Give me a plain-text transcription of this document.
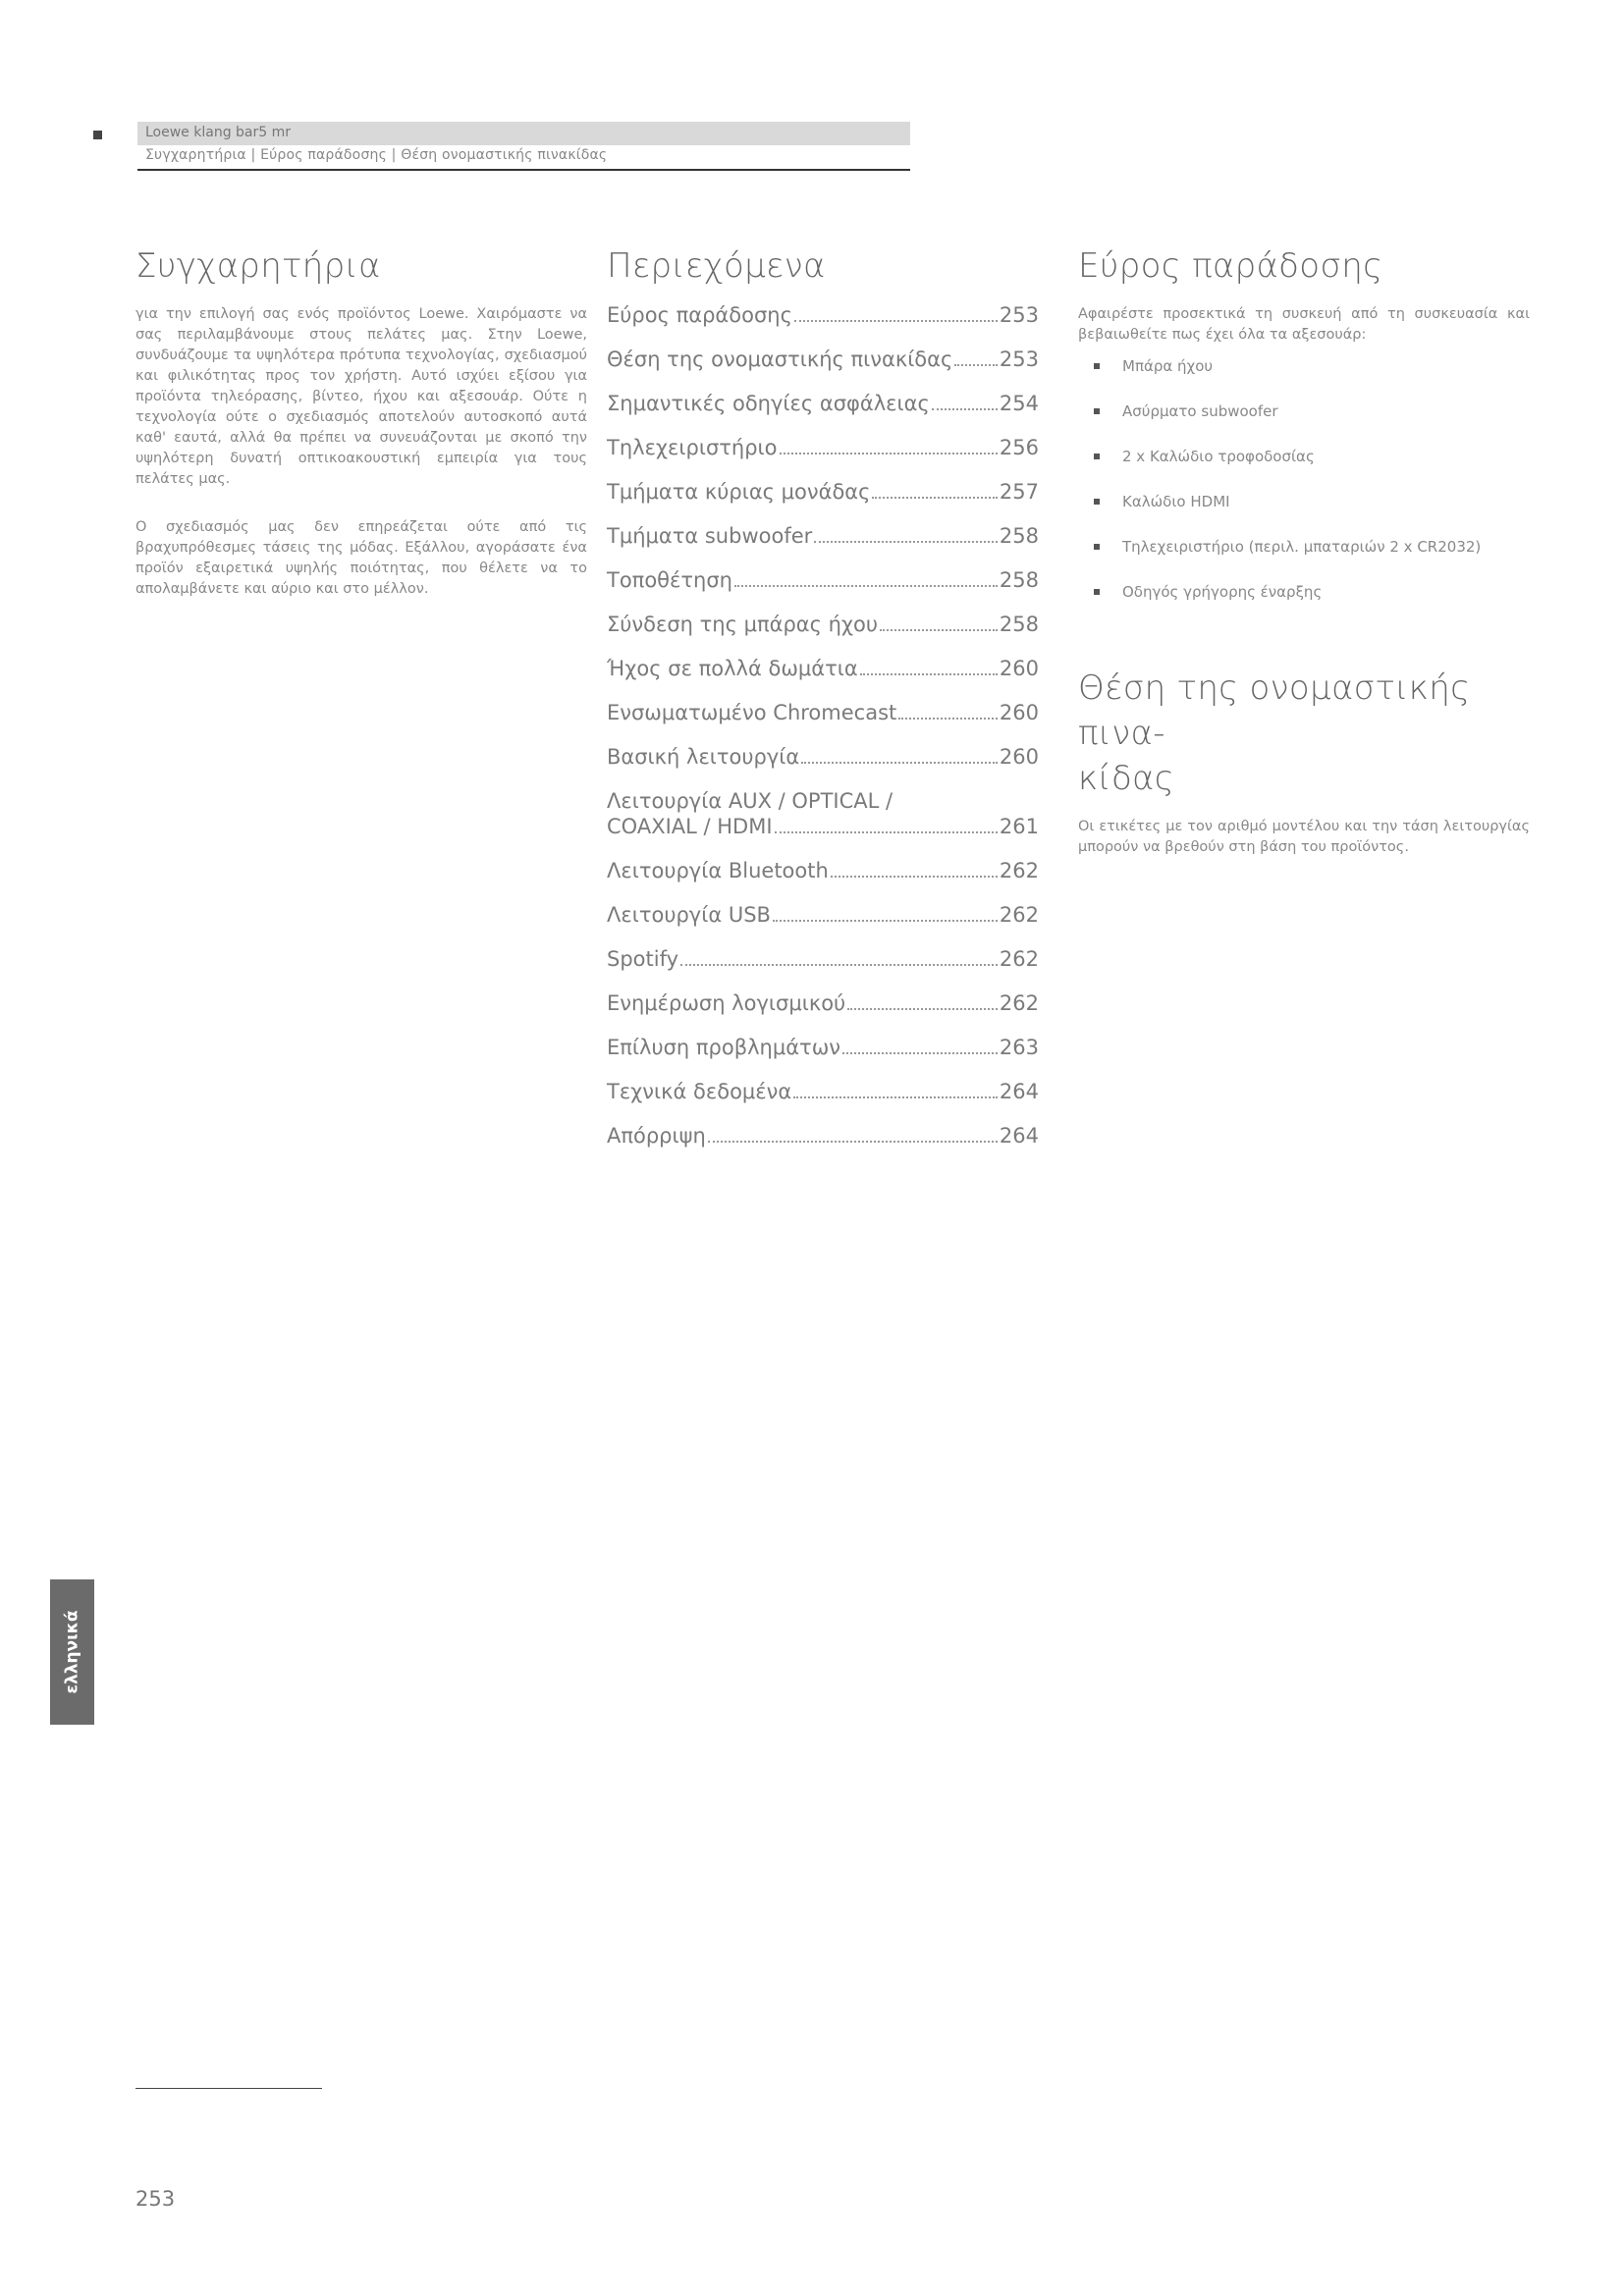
Loewe klang bar5 mr
Συγχαρητήρια | Εύρος παράδοσης | Θέση ονομαστικής πινακίδας
Συγχαρητήρια

για την επιλογή σας ενός προϊόντος Loewe. Χαιρόμαστε να σας περιλαμβάνουμε στους πελάτες μας. Στην Loewe, συνδυάζουμε τα υψηλότερα πρότυπα τεχνολογίας, σχεδιασμού και φιλικότητας προς τον χρήστη. Αυτό ισχύει εξίσου για προϊόντα τηλεόρασης, βίντεο, ήχου και αξεσουάρ. Ούτε η τεχνολογία ούτε ο σχεδιασμός αποτελούν αυτοσκοπό αυτά καθ' εαυτά, αλλά θα πρέπει να συνευάζονται με σκοπό την υψηλότερη δυνατή οπτικοακουστική εμπειρία για τους πελάτες μας.

Ο σχεδιασμός μας δεν επηρεάζεται ούτε από τις βραχυπρόθεσμες τάσεις της μόδας. Εξάλλου, αγοράσατε ένα προϊόν εξαιρετικά υψηλής ποιότητας, που θέλετε να το απολαμβάνετε και αύριο και στο μέλλον.

Περιεχόμενα
Εύρος παράδοσης	253
Θέση της ονομαστικής πινακίδας 253
Σημαντικές οδηγίες ασφάλειας	254
Τηλεχειριστήριο	256
Τμήματα κύριας μονάδας	257
Τμήματα subwoofer	258
Τοποθέτηση	258
Σύνδεση της μπάρας ήχου	258
Ήχος σε πολλά δωμάτια	260
Ενσωματωμένο Chromecast	260
Βασική λειτουργία	260
Λειτουργία AUX / OPTICAL /
COAXIAL / HDMI	261
Λειτουργία Bluetooth	262
Λειτουργία USB	262
Spotify	262
Ενημέρωση λογισμικού	262
Επίλυση προβλημάτων	263
Τεχνικά δεδομένα	264
Απόρριψη	264
Εύρος παράδοσης

Αφαιρέστε προσεκτικά τη συσκευή από τη συσκευασία και βεβαιωθείτε πως έχει όλα τα αξεσουάρ:

Μπάρα ήχου
Ασύρματο subwoofer
2 x Καλώδιο τροφοδοσίας
Καλώδιο HDMI
Τηλεχειριστήριο (περιλ. μπαταριών 2 x CR2032)
Οδηγός γρήγορης έναρξης
Θέση της ονομαστικής πινα-
κίδας

Οι ετικέτες με τον αριθμό μοντέλου και την τάση λειτουργίας μπορούν να βρεθούν στη βάση του προϊόντος.

ελληνικά
253
